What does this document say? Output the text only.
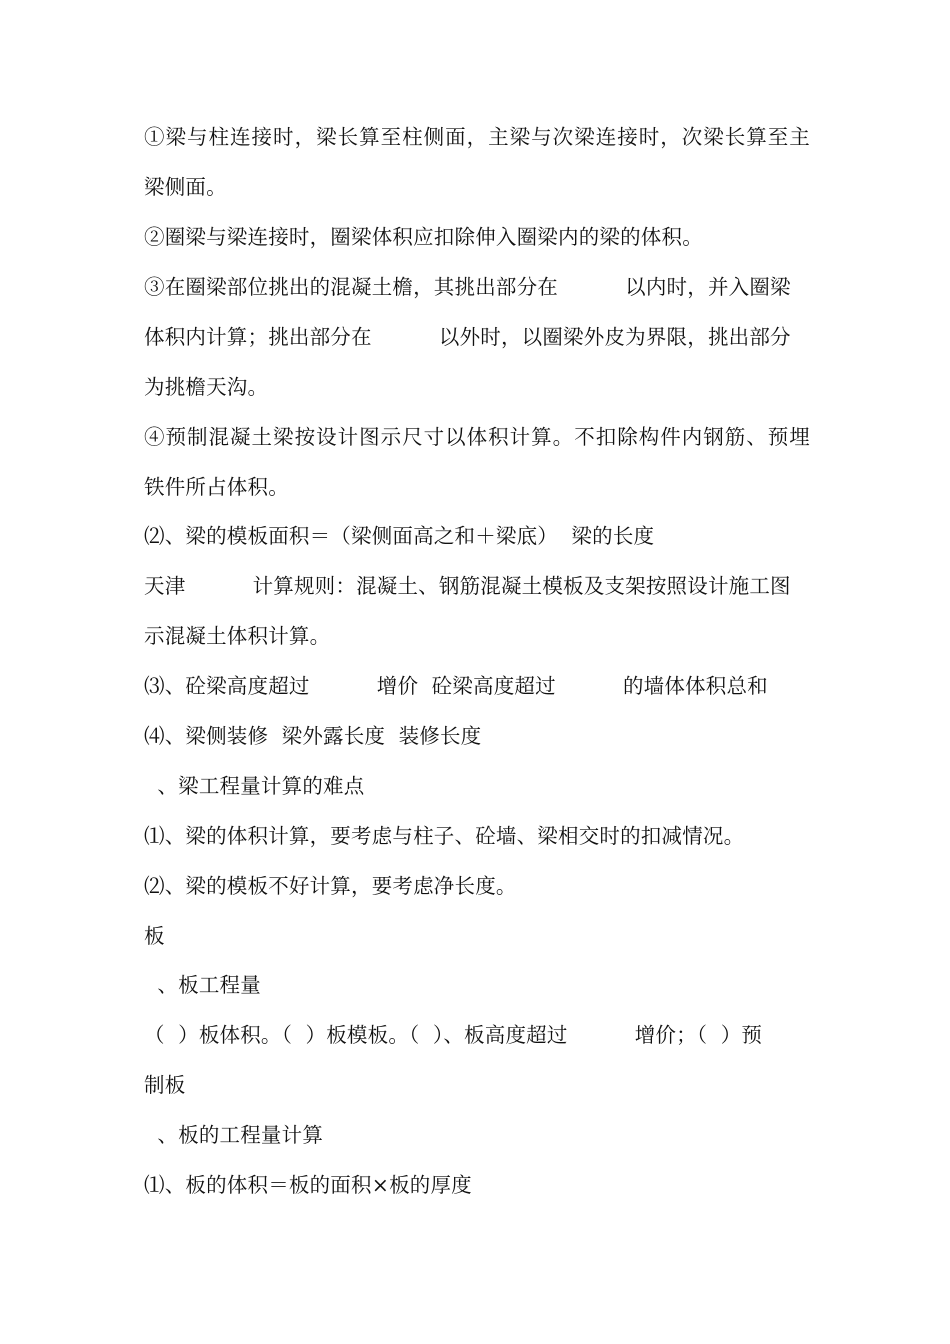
①梁与柱连接时，梁长算至柱侧面，主梁与次梁连接时，次梁长算至主
梁侧面。
②圈梁与梁连接时，圈梁体积应扣除伸入圈梁内的梁的体积。
③在圈梁部位挑出的混凝土檐，其挑出部分在          以内时，并入圈梁
体积内计算；挑出部分在          以外时，以圈梁外皮为界限，挑出部分
为挑檐天沟。
④预制混凝土梁按设计图示尺寸以体积计算。不扣除构件内钢筋、预埋
铁件所占体积。
⑵、梁的模板面积＝（梁侧面高之和＋梁底）  梁的长度
天津          计算规则：混凝土、钢筋混凝土模板及支架按照设计施工图
示混凝土体积计算。
⑶、砼梁高度超过          增价  砼梁高度超过          的墙体体积总和
⑷、梁侧装修  梁外露长度  装修长度
、梁工程量计算的难点
⑴、梁的体积计算，要考虑与柱子、砼墙、梁相交时的扣减情况。
⑵、梁的模板不好计算，要考虑净长度。
板
、板工程量
（  ）板体积。（  ）板模板。（  ）、板高度超过          增价；（  ）预
制板
、板的工程量计算
⑴、板的体积＝板的面积×板的厚度
